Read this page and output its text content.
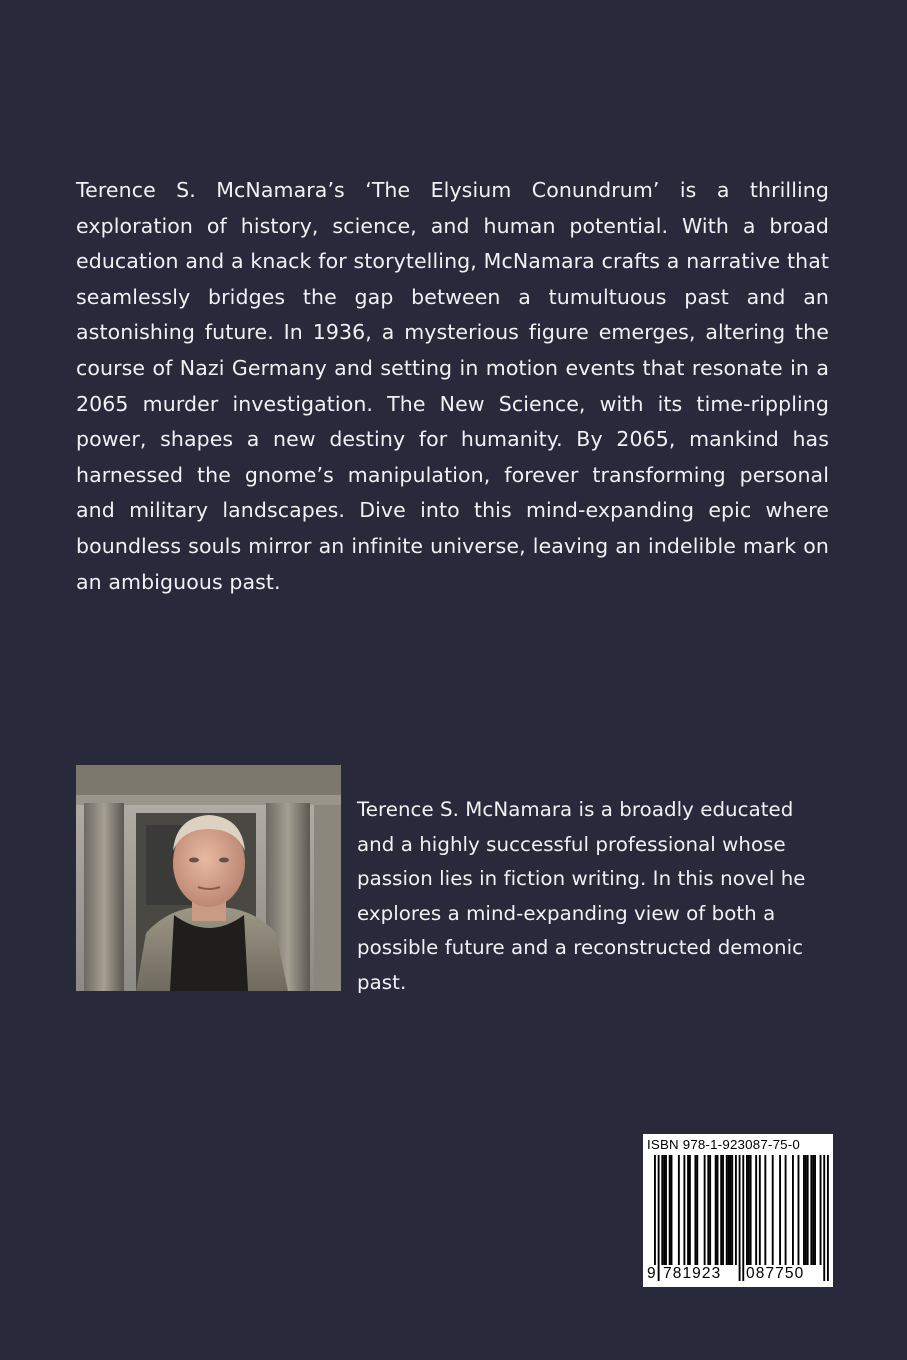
Terence S. McNamara’s ‘The Elysium Conundrum’ is a thrilling exploration of history, science, and human potential. With a broad education and a knack for storytelling, McNamara crafts a narrative that seamlessly bridges the gap between a tumultuous past and an astonishing future. In 1936, a mysterious figure emerges, altering the course of Nazi Germany and setting in motion events that resonate in a 2065 murder investigation. The New Science, with its time-rippling power, shapes a new destiny for humanity. By 2065, mankind has harnessed the gnome’s manipulation, forever transforming personal and military landscapes. Dive into this mind-expanding epic where boundless souls mirror an infinite universe, leaving an indelible mark on an ambiguous past.

Terence S. McNamara is a broadly educated and a highly successful professional whose passion lies in fiction writing. In this novel he explores a mind-expanding view of both a possible future and a reconstructed demonic past.

ISBN 978-1-923087-75-0
9 781923 087750
